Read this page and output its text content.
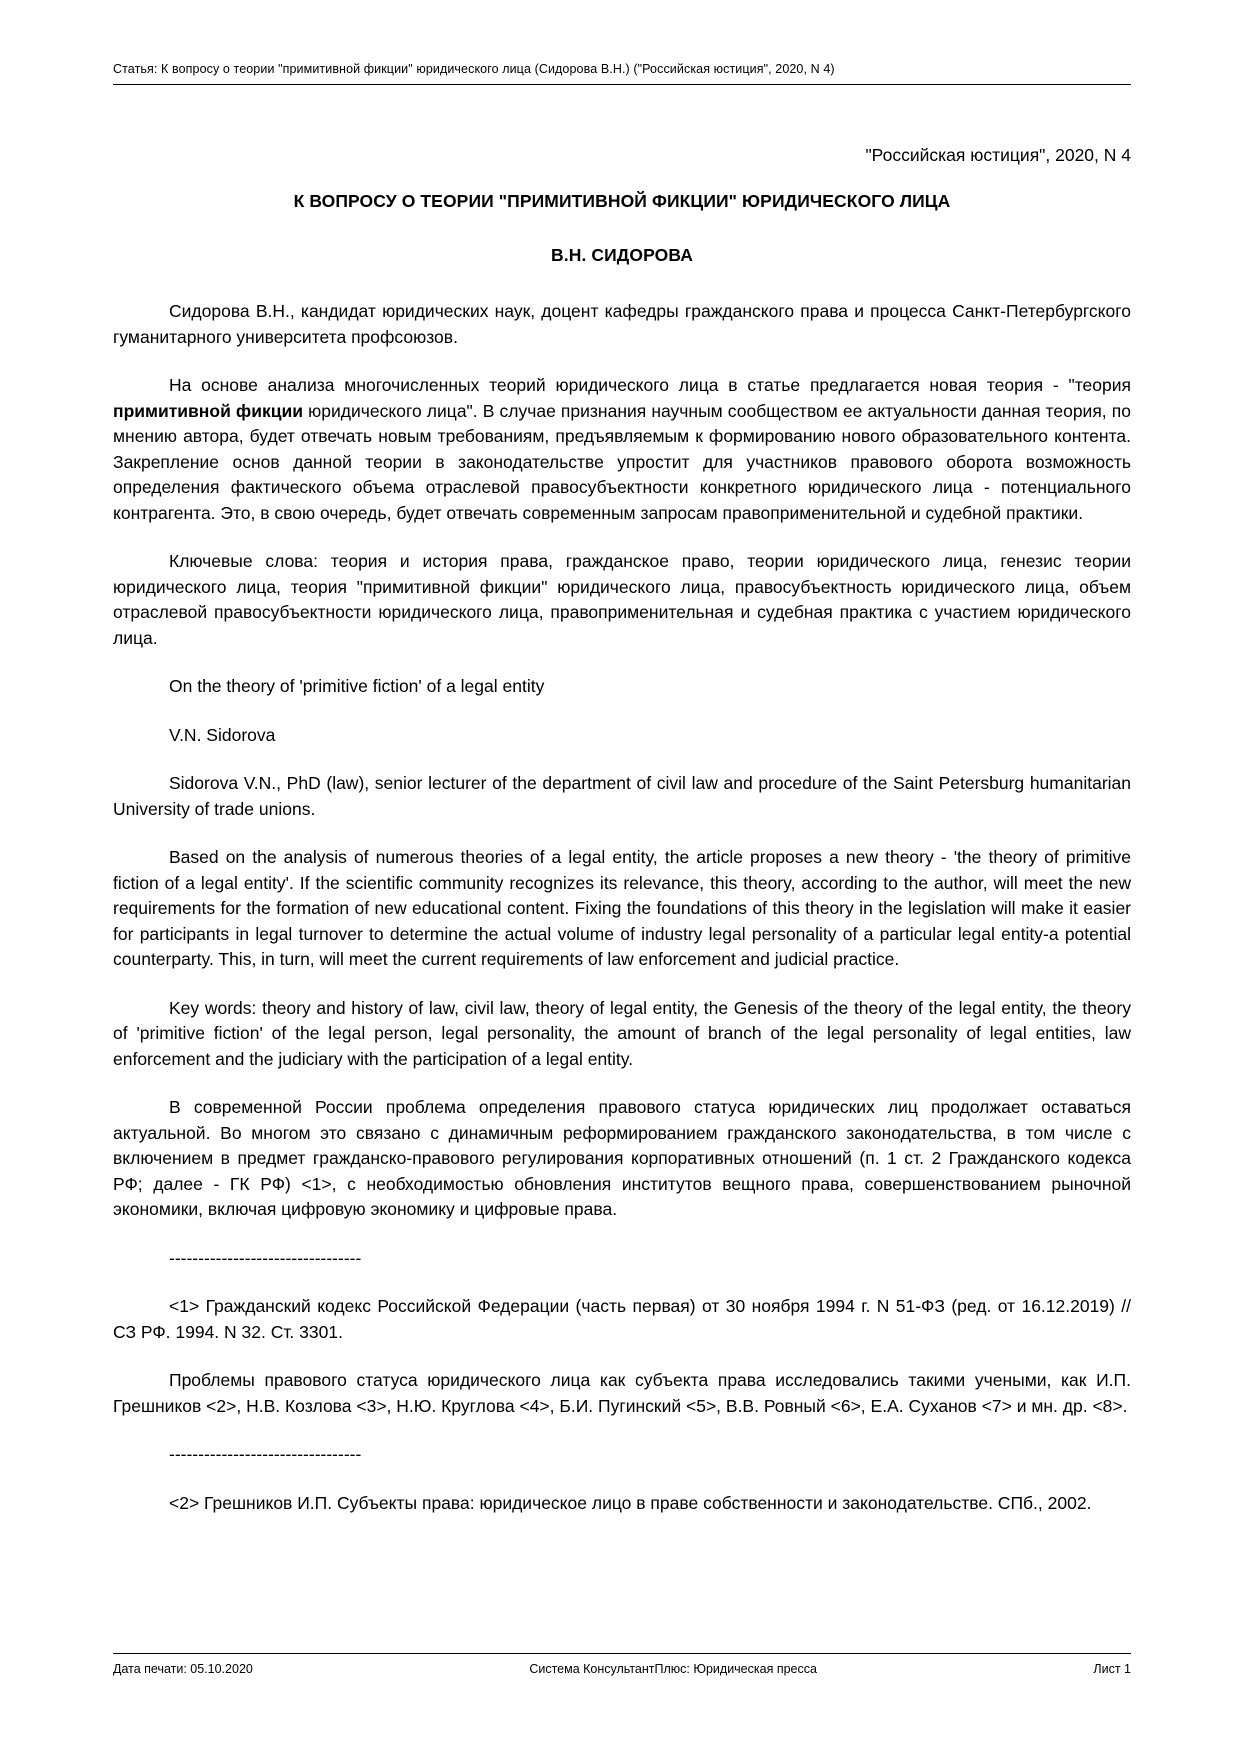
Статья: К вопросу о теории "примитивной фикции" юридического лица (Сидорова В.Н.) ("Российская юстиция", 2020, N 4)

"Российская юстиция", 2020, N 4

К ВОПРОСУ О ТЕОРИИ "ПРИМИТИВНОЙ ФИКЦИИ" ЮРИДИЧЕСКОГО ЛИЦА
В.Н. СИДОРОВА

Сидорова В.Н., кандидат юридических наук, доцент кафедры гражданского права и процесса Санкт-Петербургского гуманитарного университета профсоюзов.

На основе анализа многочисленных теорий юридического лица в статье предлагается новая теория - "теория примитивной фикции юридического лица". В случае признания научным сообществом ее актуальности данная теория, по мнению автора, будет отвечать новым требованиям, предъявляемым к формированию нового образовательного контента. Закрепление основ данной теории в законодательстве упростит для участников правового оборота возможность определения фактического объема отраслевой правосубъектности конкретного юридического лица - потенциального контрагента. Это, в свою очередь, будет отвечать современным запросам правоприменительной и судебной практики.

Ключевые слова: теория и история права, гражданское право, теории юридического лица, генезис теории юридического лица, теория "примитивной фикции" юридического лица, правосубъектность юридического лица, объем отраслевой правосубъектности юридического лица, правоприменительная и судебная практика с участием юридического лица.

On the theory of 'primitive fiction' of a legal entity

V.N. Sidorova

Sidorova V.N., PhD (law), senior lecturer of the department of civil law and procedure of the Saint Petersburg humanitarian University of trade unions.

Based on the analysis of numerous theories of a legal entity, the article proposes a new theory - 'the theory of primitive fiction of a legal entity'. If the scientific community recognizes its relevance, this theory, according to the author, will meet the new requirements for the formation of new educational content. Fixing the foundations of this theory in the legislation will make it easier for participants in legal turnover to determine the actual volume of industry legal personality of a particular legal entity-a potential counterparty. This, in turn, will meet the current requirements of law enforcement and judicial practice.

Key words: theory and history of law, civil law, theory of legal entity, the Genesis of the theory of the legal entity, the theory of 'primitive fiction' of the legal person, legal personality, the amount of branch of the legal personality of legal entities, law enforcement and the judiciary with the participation of a legal entity.

В современной России проблема определения правового статуса юридических лиц продолжает оставаться актуальной. Во многом это связано с динамичным реформированием гражданского законодательства, в том числе с включением в предмет гражданско-правового регулирования корпоративных отношений (п. 1 ст. 2 Гражданского кодекса РФ; далее - ГК РФ) <1>, с необходимостью обновления институтов вещного права, совершенствованием рыночной экономики, включая цифровую экономику и цифровые права.

---------------------------------

<1> Гражданский кодекс Российской Федерации (часть первая) от 30 ноября 1994 г. N 51-ФЗ (ред. от 16.12.2019) // СЗ РФ. 1994. N 32. Ст. 3301.

Проблемы правового статуса юридического лица как субъекта права исследовались такими учеными, как И.П. Грешников <2>, Н.В. Козлова <3>, Н.Ю. Круглова <4>, Б.И. Пугинский <5>, В.В. Ровный <6>, Е.А. Суханов <7> и мн. др. <8>.

---------------------------------

<2> Грешников И.П. Субъекты права: юридическое лицо в праве собственности и законодательстве. СПб., 2002.

Дата печати: 05.10.2020	Система КонсультантПлюс: Юридическая пресса	Лист 1
